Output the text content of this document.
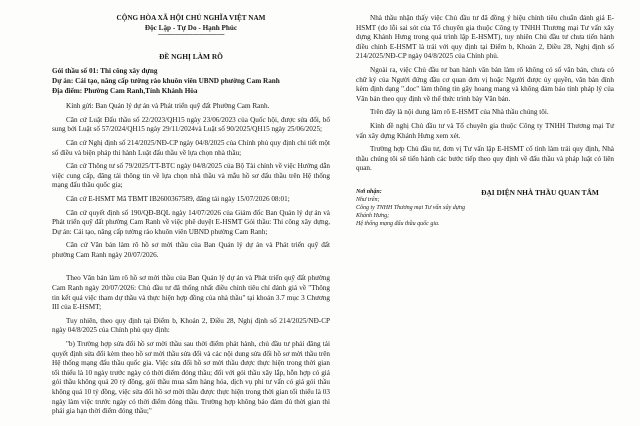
CỘNG HÒA XÃ HỘI CHỦ NGHĨA VIỆT NAM
Độc Lập - Tự Do - Hạnh Phúc
-----------------------------------
ĐỀ NGHỊ LÀM RÕ

Gói thầu số 01: Thi công xây dựng

Dự án: Cải tạo, nâng cấp tường rào khuôn viên UBND phường Cam Ranh

Địa điểm: Phường Cam Ranh,Tỉnh Khánh Hòa

Kính gửi: Ban Quản lý dự án và Phát triển quỹ đất Phường Cam Ranh.

Căn cứ Luật Đấu thầu số 22/2023/QH15 ngày 23/06/2023 của Quốc hội, được sửa đổi, bổ sung bởi Luật số 57/2024/QH15 ngày 29/11/2024và Luật số 90/2025/QH15 ngày 25/06/2025;

Căn cứ Nghị định số 214/2025/NĐ-CP ngày 04/8/2025 của Chính phủ quy định chi tiết một số điều và biện pháp thi hành Luật đấu thầu về lựa chọn nhà thầu;

Căn cứ Thông tư số 79/2025/TT-BTC ngày 04/8/2025 của Bộ Tài chính về việc Hướng dẫn việc cung cấp, đăng tải thông tin về lựa chọn nhà thầu và mẫu hồ sơ đấu thầu trên Hệ thống mạng đấu thầu quốc gia;

Căn cứ E-HSMT Mã TBMT IB2600367589, đăng tải ngày 15/07/2026 08:01;

Căn cứ quyết định số 190/QĐ-BQL ngày 14/07/2026 của Giám đốc Ban Quản lý dự án và Phát triển quỹ đất phường Cam Ranh về việc phê duyệt E-HSMT Gói thầu: Thi công xây dựng, Dự án: Cải tạo, nâng cấp tường rào khuôn viên UBND phường Cam Ranh;

Căn cứ Văn bản làm rõ hồ sơ mời thầu của Ban Quản lý dự án và Phát triển quỹ đất phường Cam Ranh ngày 20/07/2026.

Theo Văn bản làm rõ hồ sơ mời thầu của Ban Quản lý dự án và Phát triển quỹ đất phường Cam Ranh ngày 20/07/2026: Chủ đầu tư đã thống nhất điều chỉnh tiêu chí đánh giá về "Thông tin kết quả việc tham dự thầu và thực hiện hợp đồng của nhà thầu" tại khoản 3.7 mục 3 Chương III của E-HSMT;

Tuy nhiên, theo quy định tại Điểm b, Khoản 2, Điều 28, Nghị định số 214/2025/NĐ-CP ngày 04/8/2025 của Chính phủ quy định:

"b) Trường hợp sửa đổi hồ sơ mời thầu sau thời điểm phát hành, chủ đầu tư phải đăng tải quyết định sửa đổi kèm theo hồ sơ mời thầu sửa đổi và các nội dung sửa đổi hồ sơ mời thầu trên Hệ thống mạng đấu thầu quốc gia. Việc sửa đổi hồ sơ mời thầu được thực hiện trong thời gian tối thiểu là 10 ngày trước ngày có thời điểm đóng thầu; đối với gói thầu xây lắp, hỗn hợp có giá gói thầu không quá 20 tỷ đồng, gói thầu mua sắm hàng hóa, dịch vụ phi tư vấn có giá gói thầu không quá 10 tỷ đồng, việc sửa đổi hồ sơ mời thầu được thực hiện trong thời gian tối thiểu là 03 ngày làm việc trước ngày có thời điểm đóng thầu. Trường hợp không bảo đảm đủ thời gian thì phải gia hạn thời điểm đóng thầu;"

Nhà thầu nhận thấy việc Chủ đầu tư đã đồng ý hiệu chỉnh tiêu chuẩn đánh giá E-HSMT (do lỗi sai sót của Tổ chuyên gia thuộc Công ty TNHH Thương mại Tư vấn xây dựng Khánh Hưng trong quá trình lập E-HSMT), tuy nhiên Chủ đầu tư chưa tiến hành điều chỉnh E-HSMT là trái với quy định tại Điểm b, Khoản 2, Điều 28, Nghị định số 214/2025/NĐ-CP ngày 04/8/2025 của Chính phủ.

Ngoài ra, việc Chủ đầu tư ban hành văn bản làm rõ không có số văn bản, chưa có chữ ký của Người đứng đầu cơ quan đơn vị hoặc Người được ủy quyền, văn bản đính kèm định dạng ".doc" làm thông tin gây hoang mang và không đảm bảo tính pháp lý của Văn bản theo quy định về thể thức trình bày Văn bản.

Trên đây là nội dung làm rõ E-HSMT của Nhà thầu chúng tôi.

Kính đề nghị Chủ đầu tư và Tổ chuyên gia thuộc Công ty TNHH Thương mại Tư vấn xây dựng Khánh Hưng xem xét.

Trường hợp Chủ đầu tư, đơn vị Tư vấn lập E-HSMT cố tình làm trái quy định, Nhà thầu chúng tôi sẽ tiến hành các bước tiếp theo quy định về đấu thầu và pháp luật có liên quan.

Nơi nhận:
Như trên;
Công ty TNHH Thương mại Tư vấn xây dựng Khánh Hưng;
Hệ thống mạng đấu thầu quốc gia.
ĐẠI DIỆN NHÀ THẦU QUAN TÂM
